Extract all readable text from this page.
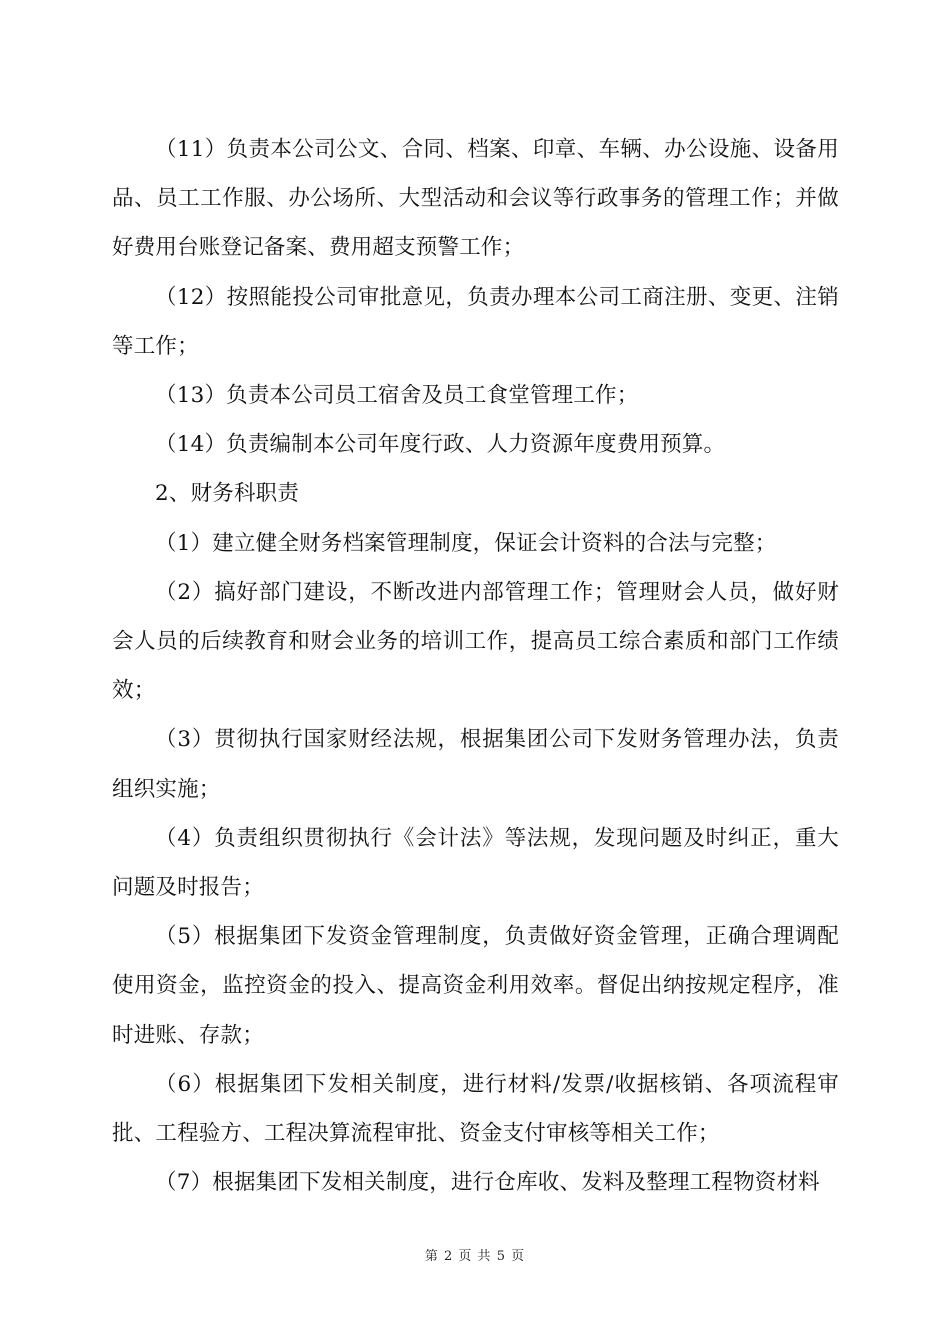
（11）负责本公司公文、合同、档案、印章、车辆、办公设施、设备用品、员工工作服、办公场所、大型活动和会议等行政事务的管理工作；并做好费用台账登记备案、费用超支预警工作；

（12）按照能投公司审批意见，负责办理本公司工商注册、变更、注销等工作；

（13）负责本公司员工宿舍及员工食堂管理工作；

（14）负责编制本公司年度行政、人力资源年度费用预算。

2、财务科职责

（1）建立健全财务档案管理制度，保证会计资料的合法与完整；

（2）搞好部门建设，不断改进内部管理工作；管理财会人员，做好财会人员的后续教育和财会业务的培训工作，提高员工综合素质和部门工作绩效；

（3）贯彻执行国家财经法规，根据集团公司下发财务管理办法，负责组织实施；

（4）负责组织贯彻执行《会计法》等法规，发现问题及时纠正，重大问题及时报告；

（5）根据集团下发资金管理制度，负责做好资金管理，正确合理调配使用资金，监控资金的投入、提高资金利用效率。督促出纳按规定程序，准时进账、存款；

（6）根据集团下发相关制度，进行材料/发票/收据核销、各项流程审批、工程验方、工程决算流程审批、资金支付审核等相关工作；

（7）根据集团下发相关制度，进行仓库收、发料及整理工程物资材料

第 2 页 共 5 页
